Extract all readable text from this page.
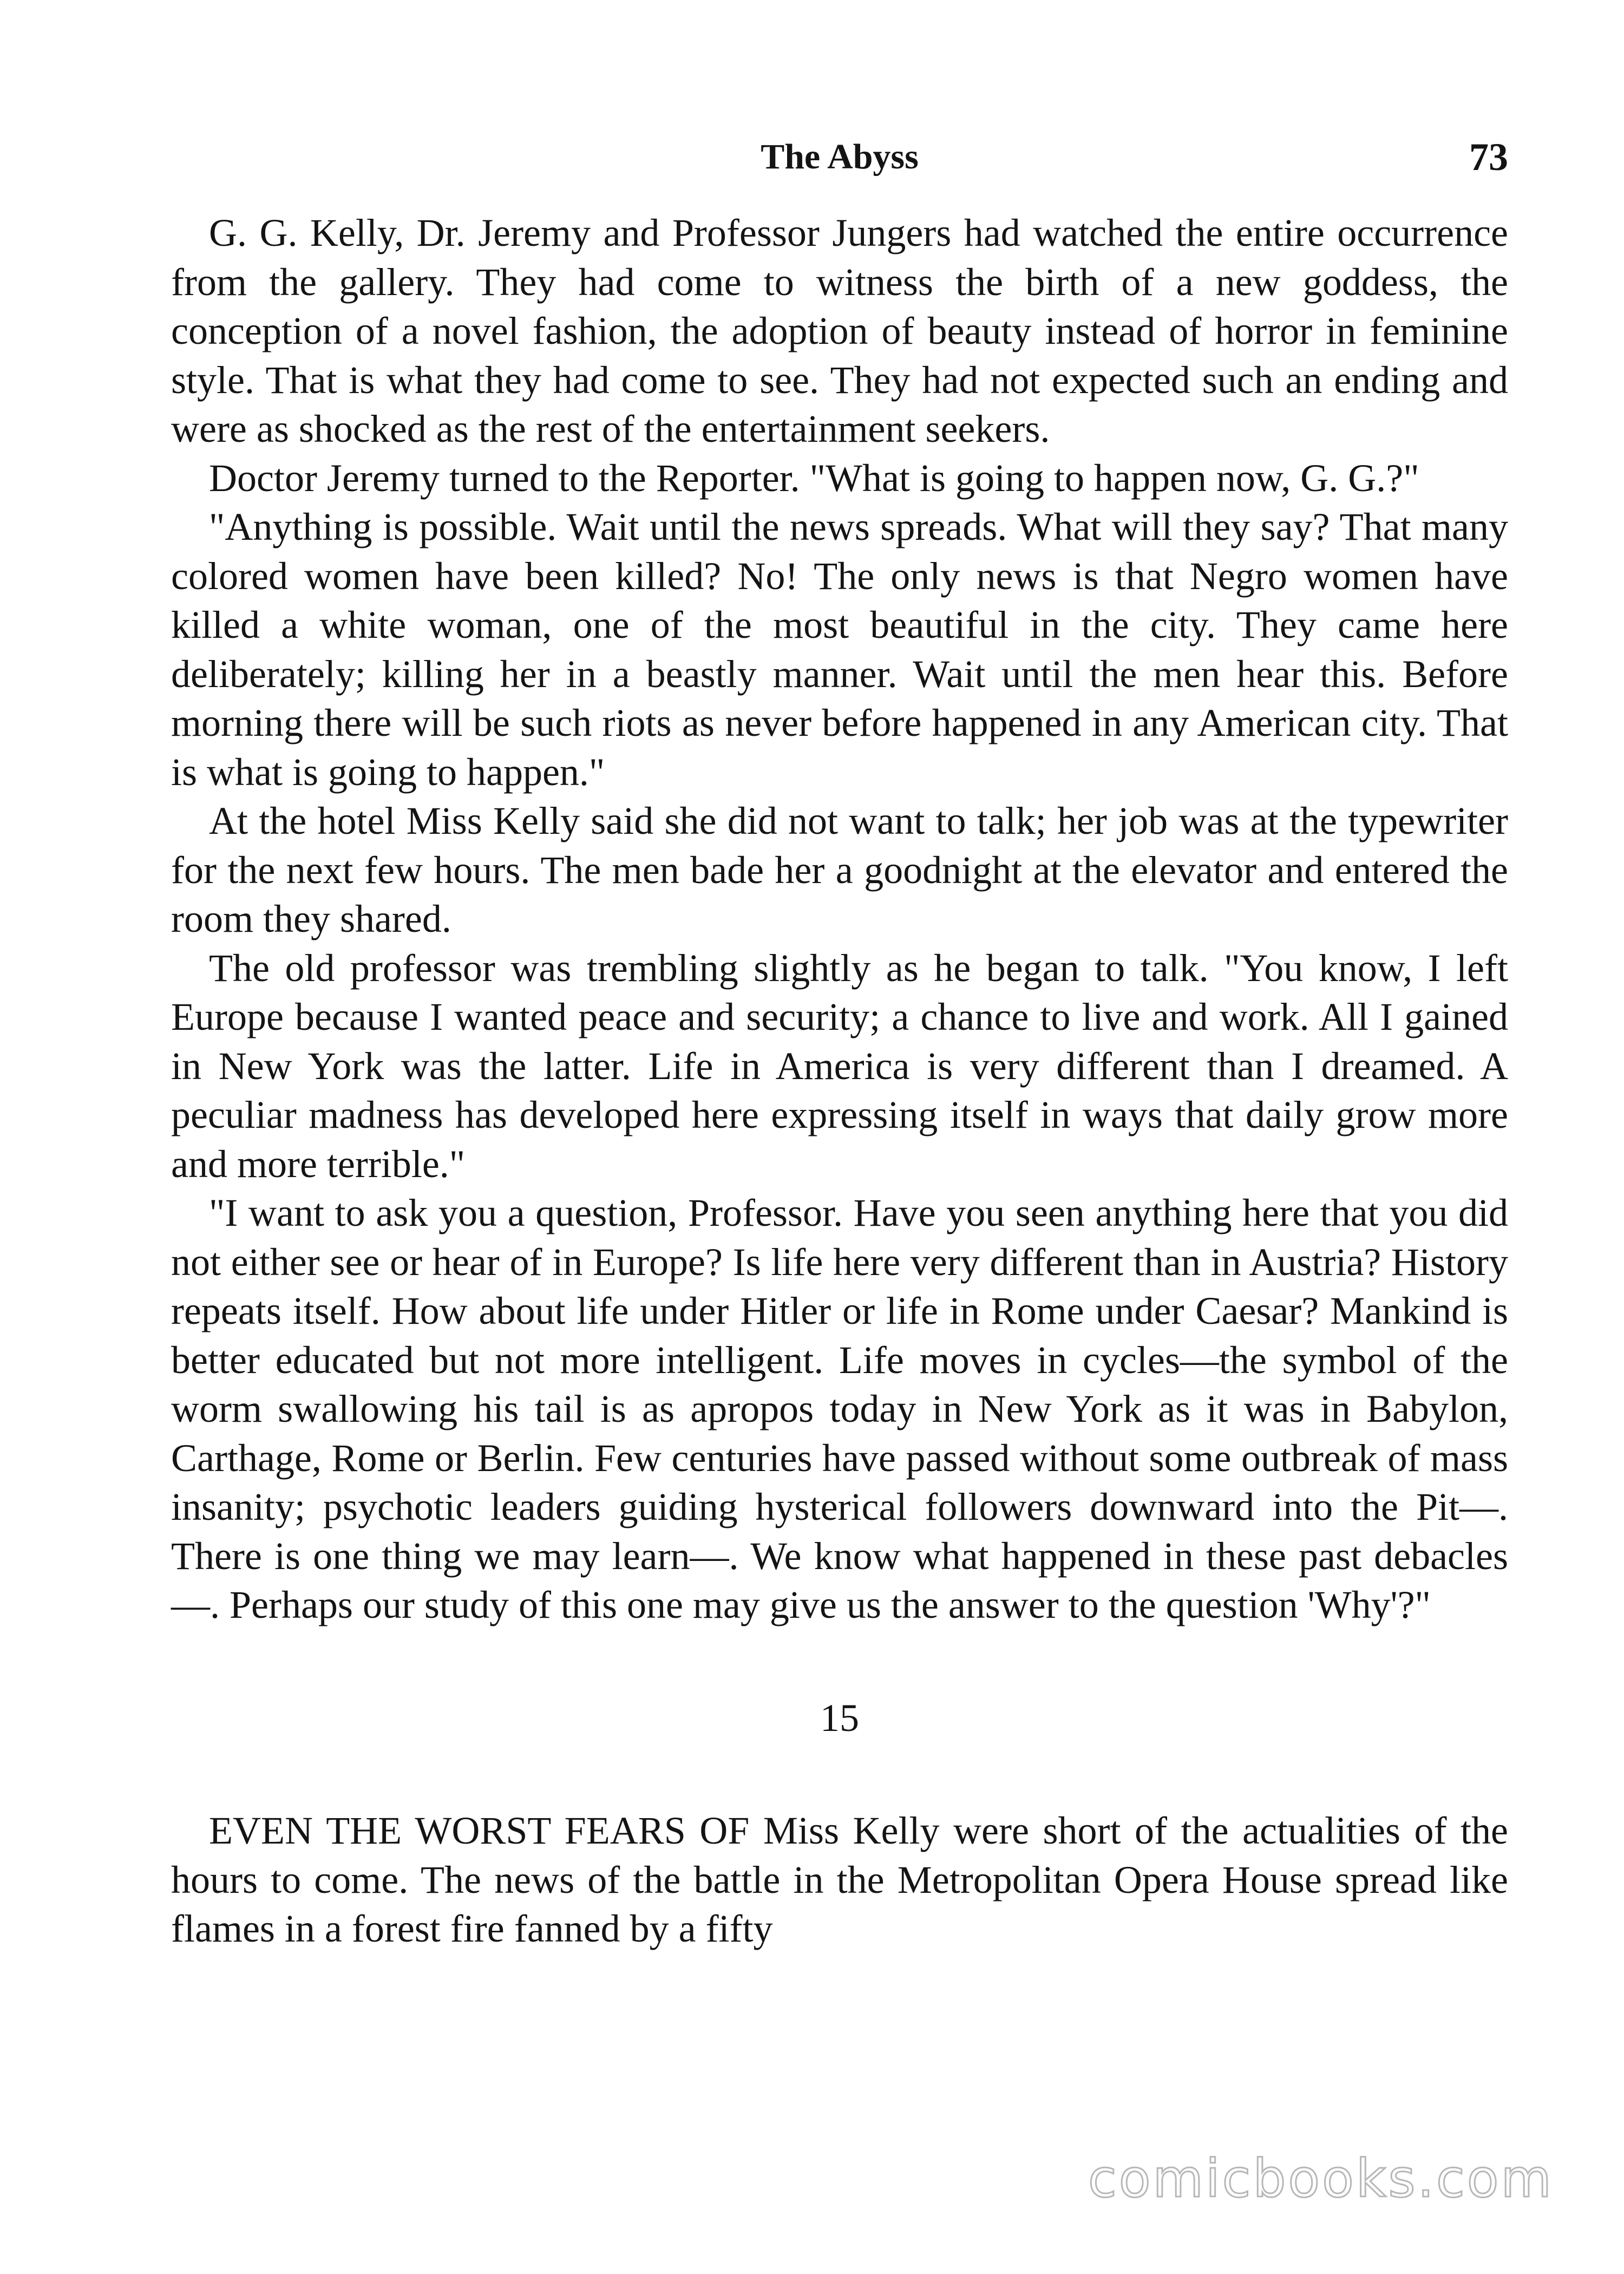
The Abyss	73

G. G. Kelly, Dr. Jeremy and Professor Jungers had watched the entire occurrence from the gallery. They had come to witness the birth of a new goddess, the conception of a novel fashion, the adoption of beauty instead of horror in feminine style. That is what they had come to see. They had not expected such an ending and were as shocked as the rest of the entertainment seekers.

Doctor Jeremy turned to the Reporter. "What is going to happen now, G. G.?"

"Anything is possible. Wait until the news spreads. What will they say? That many colored women have been killed? No! The only news is that Negro women have killed a white woman, one of the most beautiful in the city. They came here deliberately; killing her in a beastly manner. Wait until the men hear this. Before morning there will be such riots as never before happened in any American city. That is what is going to happen."

At the hotel Miss Kelly said she did not want to talk; her job was at the typewriter for the next few hours. The men bade her a goodnight at the elevator and entered the room they shared.

The old professor was trembling slightly as he began to talk. "You know, I left Europe because I wanted peace and security; a chance to live and work. All I gained in New York was the latter. Life in America is very different than I dreamed. A peculiar madness has developed here expressing itself in ways that daily grow more and more terrible."

"I want to ask you a question, Professor. Have you seen anything here that you did not either see or hear of in Europe? Is life here very different than in Austria? History repeats itself. How about life under Hitler or life in Rome under Caesar? Mankind is better educated but not more intelligent. Life moves in cycles—the symbol of the worm swallowing his tail is as apropos today in New York as it was in Babylon, Carthage, Rome or Berlin. Few centuries have passed without some outbreak of mass insanity; psychotic leaders guiding hysterical followers downward into the Pit—. There is one thing we may learn—. We know what happened in these past debacles—. Perhaps our study of this one may give us the answer to the question 'Why'?"

15

EVEN THE WORST FEARS OF Miss Kelly were short of the actualities of the hours to come. The news of the battle in the Metropolitan Opera House spread like flames in a forest fire fanned by a fifty

comicbooks.com
